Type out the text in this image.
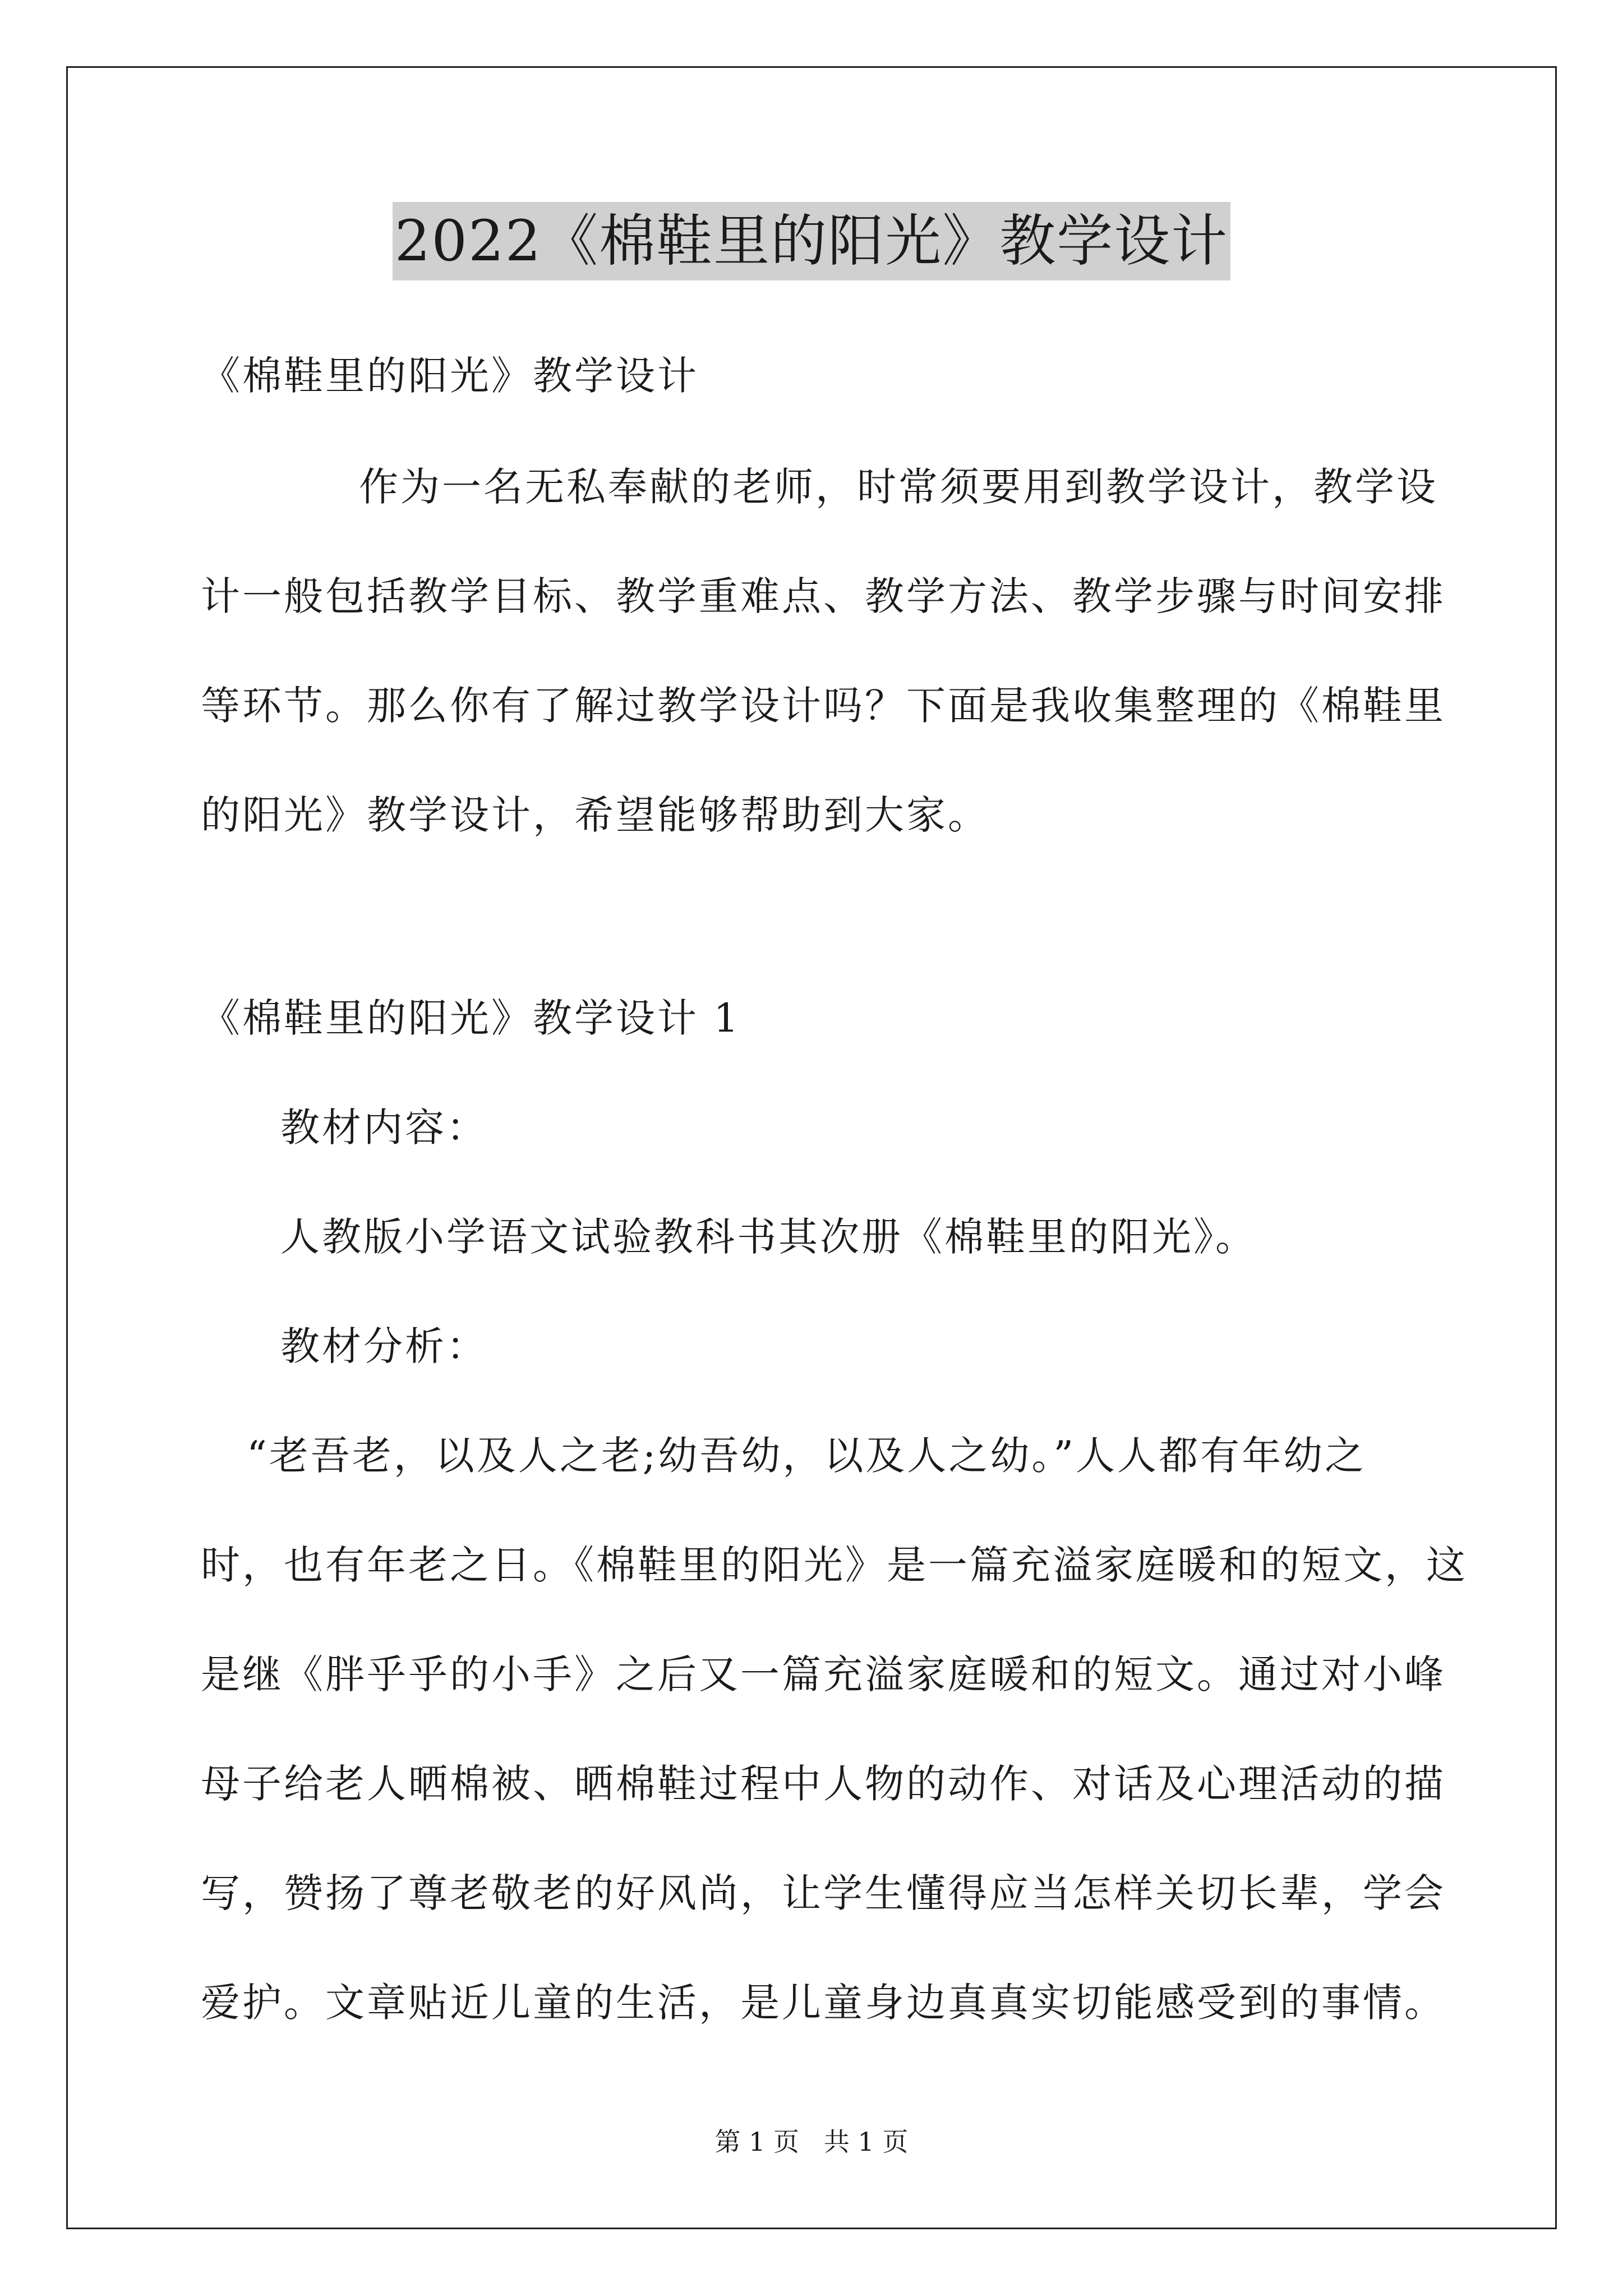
2022《棉鞋里的阳光》教学设计
《棉鞋里的阳光》教学设计
作为一名无私奉献的老师，时常须要用到教学设计，教学设
计一般包括教学目标、教学重难点、教学方法、教学步骤与时间安排
等环节。那么你有了解过教学设计吗？下面是我收集整理的《棉鞋里
的阳光》教学设计，希望能够帮助到大家。
《棉鞋里的阳光》教学设计 1
教材内容：
人教版小学语文试验教科书其次册《棉鞋里的阳光》。
教材分析：
“老吾老，以及人之老;幼吾幼，以及人之幼。”人人都有年幼之
时，也有年老之日。《棉鞋里的阳光》是一篇充溢家庭暖和的短文，这
是继《胖乎乎的小手》之后又一篇充溢家庭暖和的短文。通过对小峰
母子给老人晒棉被、晒棉鞋过程中人物的动作、对话及心理活动的描
写，赞扬了尊老敬老的好风尚，让学生懂得应当怎样关切长辈，学会
爱护。文章贴近儿童的生活，是儿童身边真真实切能感受到的事情。
第 1 页   共 1 页
